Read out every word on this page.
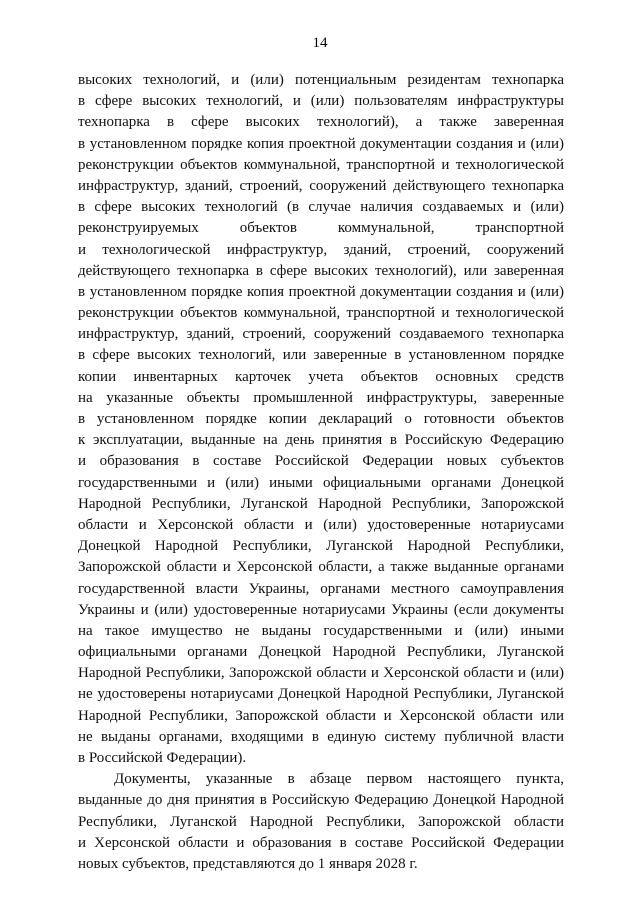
14
высоких технологий, и (или) потенциальным резидентам технопарка
в сфере высоких технологий, и (или) пользователям инфраструктуры
технопарка в сфере высоких технологий), а также заверенная
в установленном порядке копия проектной документации создания и (или)
реконструкции объектов коммунальной, транспортной и технологической
инфраструктур, зданий, строений, сооружений действующего технопарка
в сфере высоких технологий (в случае наличия создаваемых и (или)
реконструируемых объектов коммунальной, транспортной
и технологической инфраструктур, зданий, строений, сооружений
действующего технопарка в сфере высоких технологий), или заверенная
в установленном порядке копия проектной документации создания и (или)
реконструкции объектов коммунальной, транспортной и технологической
инфраструктур, зданий, строений, сооружений создаваемого технопарка
в сфере высоких технологий, или заверенные в установленном порядке
копии инвентарных карточек учета объектов основных средств
на указанные объекты промышленной инфраструктуры, заверенные
в установленном порядке копии деклараций о готовности объектов
к эксплуатации, выданные на день принятия в Российскую Федерацию
и образования в составе Российской Федерации новых субъектов
государственными и (или) иными официальными органами Донецкой
Народной Республики, Луганской Народной Республики, Запорожской
области и Херсонской области и (или) удостоверенные нотариусами
Донецкой Народной Республики, Луганской Народной Республики,
Запорожской области и Херсонской области, а также выданные органами
государственной власти Украины, органами местного самоуправления
Украины и (или) удостоверенные нотариусами Украины (если документы
на такое имущество не выданы государственными и (или) иными
официальными органами Донецкой Народной Республики, Луганской
Народной Республики, Запорожской области и Херсонской области и (или)
не удостоверены нотариусами Донецкой Народной Республики, Луганской
Народной Республики, Запорожской области и Херсонской области или
не выданы органами, входящими в единую систему публичной власти
в Российской Федерации).
Документы, указанные в абзаце первом настоящего пункта,
выданные до дня принятия в Российскую Федерацию Донецкой Народной
Республики, Луганской Народной Республики, Запорожской области
и Херсонской области и образования в составе Российской Федерации
новых субъектов, представляются до 1 января 2028 г.
